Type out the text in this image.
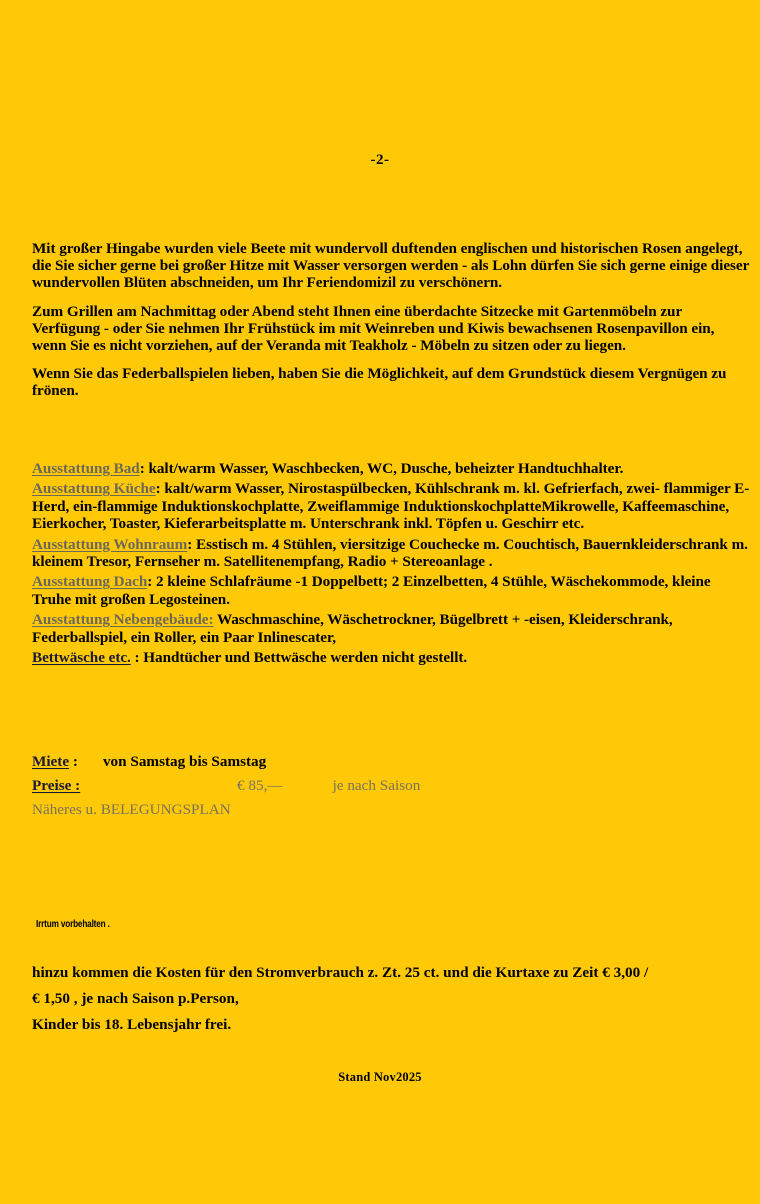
-2-

Mit großer Hingabe wurden viele Beete mit wundervoll duftenden englischen und historischen Rosen angelegt, die Sie sicher gerne bei großer Hitze mit Wasser versorgen werden - als Lohn dürfen Sie sich gerne einige dieser wundervollen Blüten abschneiden, um Ihr Feriendomizil zu verschönern.

Zum Grillen am Nachmittag oder Abend steht Ihnen eine überdachte Sitzecke mit Gartenmöbeln zur Verfügung - oder Sie nehmen Ihr Frühstück im mit Weinreben und Kiwis bewachsenen Rosenpavillon ein, wenn Sie es nicht vorziehen, auf der Veranda mit Teakholz - Möbeln zu sitzen oder zu liegen.

Wenn Sie das Federballspielen lieben, haben Sie die Möglichkeit, auf dem Grundstück diesem Vergnügen zu frönen.

Ausstattung Bad: kalt/warm Wasser, Waschbecken, WC, Dusche, beheizter Handtuchhalter.

Ausstattung Küche: kalt/warm Wasser, Nirostaspülbecken, Kühlschrank m. kl. Gefrierfach, zwei- flammiger E-Herd, ein-flammige Induktionskochplatte, Zweiflammige InduktionskochplatteMikrowelle, Kaffeemaschine, Eierkocher, Toaster, Kieferarbeitsplatte m. Unterschrank inkl. Töpfen u. Geschirr etc.

Ausstattung Wohnraum: Esstisch m. 4 Stühlen, viersitzige Couchecke m. Couchtisch, Bauernkleiderschrank m. kleinem Tresor, Fernseher m. Satellitenempfang, Radio + Stereoanlage .

Ausstattung Dach: 2 kleine Schlafräume -1 Doppelbett; 2 Einzelbetten, 4 Stühle, Wäschekommode, kleine Truhe mit großen Legosteinen.

Ausstattung Nebengebäude: Waschmaschine, Wäschetrockner, Bügelbrett + -eisen, Kleiderschrank, Federballspiel, ein Roller, ein Paar Inlinescater,

Bettwäsche etc. : Handtücher und Bettwäsche werden nicht gestellt.

Miete : von Samstag bis Samstag
Preise :	€ 85,—	je nach Saison
Näheres u. BELEGUNGSPLAN
Irrtum vorbehalten .
hinzu kommen die Kosten für den Stromverbrauch z. Zt. 25 ct. und die Kurtaxe zu Zeit € 3,00 /
€ 1,50 , je nach Saison p.Person,
Kinder bis 18. Lebensjahr frei.
Stand Nov2025
